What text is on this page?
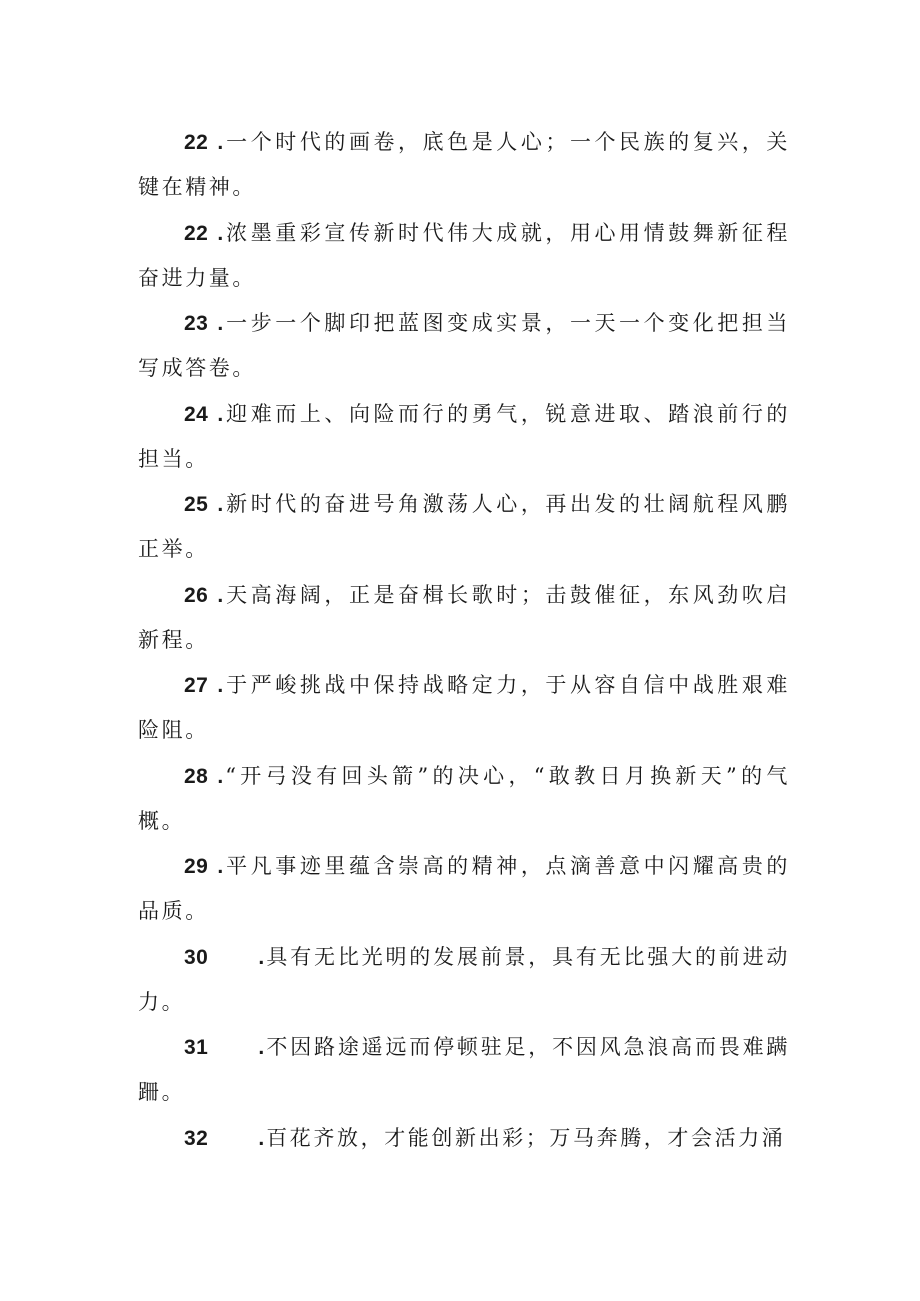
22 .一个时代的画卷，底色是人心；一个民族的复兴，关键在精神。
22 .浓墨重彩宣传新时代伟大成就，用心用情鼓舞新征程奋进力量。
23 .一步一个脚印把蓝图变成实景，一天一个变化把担当写成答卷。
24 .迎难而上、向险而行的勇气，锐意进取、踏浪前行的担当。
25 .新时代的奋进号角激荡人心，再出发的壮阔航程风鹏正举。
26 .天高海阔，正是奋楫长歌时；击鼓催征，东风劲吹启新程。
27 .于严峻挑战中保持战略定力，于从容自信中战胜艰难险阻。
28 .“开弓没有回头箭”的决心，“敢教日月换新天”的气概。
29 .平凡事迹里蕴含崇高的精神，点滴善意中闪耀高贵的品质。
30 .具有无比光明的发展前景，具有无比强大的前进动力。
31 .不因路途遥远而停顿驻足，不因风急浪高而畏难蹒跚。
32 .百花齐放，才能创新出彩；万马奔腾，才会活力涌
